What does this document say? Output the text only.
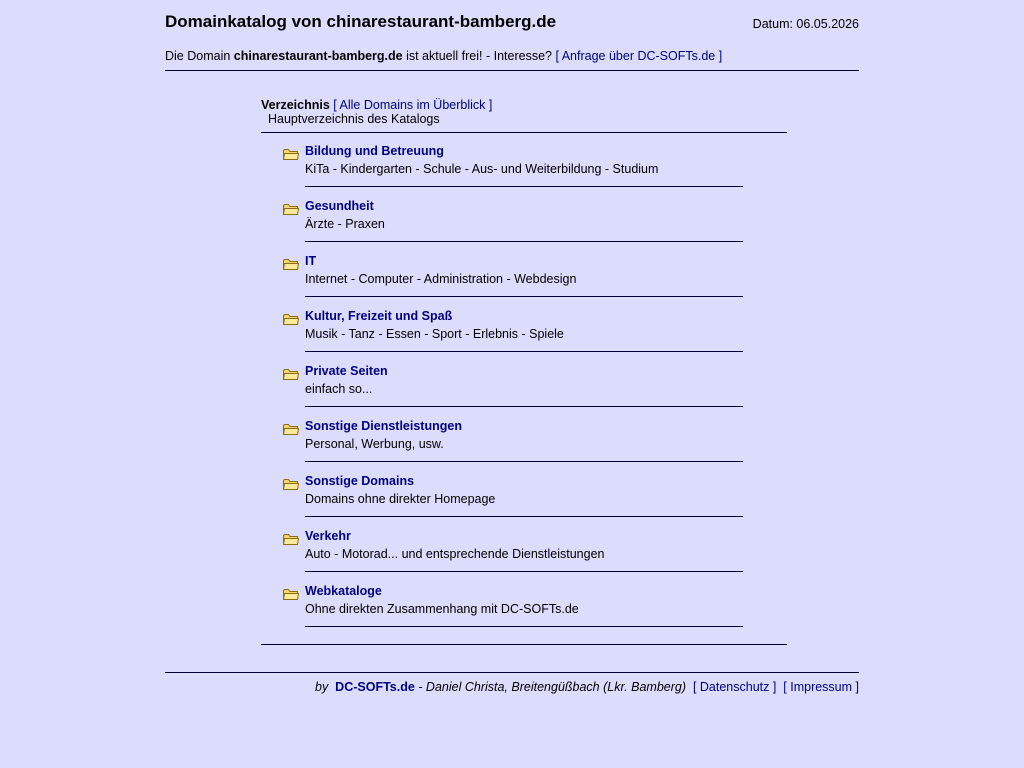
Domainkatalog von chinarestaurant-bamberg.de	Datum: 06.05.2026
Die Domain chinarestaurant-bamberg.de ist aktuell frei! - Interesse? [ Anfrage über DC-SOFTs.de ]
Verzeichnis [ Alle Domains im Überblick ]
Hauptverzeichnis des Katalogs
Bildung und Betreuung
KiTa - Kindergarten - Schule - Aus- und Weiterbildung - Studium
Gesundheit
Ärzte - Praxen
IT
Internet - Computer - Administration - Webdesign
Kultur, Freizeit und Spaß
Musik - Tanz - Essen - Sport - Erlebnis - Spiele
Private Seiten
einfach so...
Sonstige Dienstleistungen
Personal, Werbung, usw.
Sonstige Domains
Domains ohne direkter Homepage
Verkehr
Auto - Motorad... und entsprechende Dienstleistungen
Webkataloge
Ohne direkten Zusammenhang mit DC-SOFTs.de
by DC-SOFTs.de - Daniel Christa, Breitengüßbach (Lkr. Bamberg) [ Datenschutz ] [ Impressum ]
